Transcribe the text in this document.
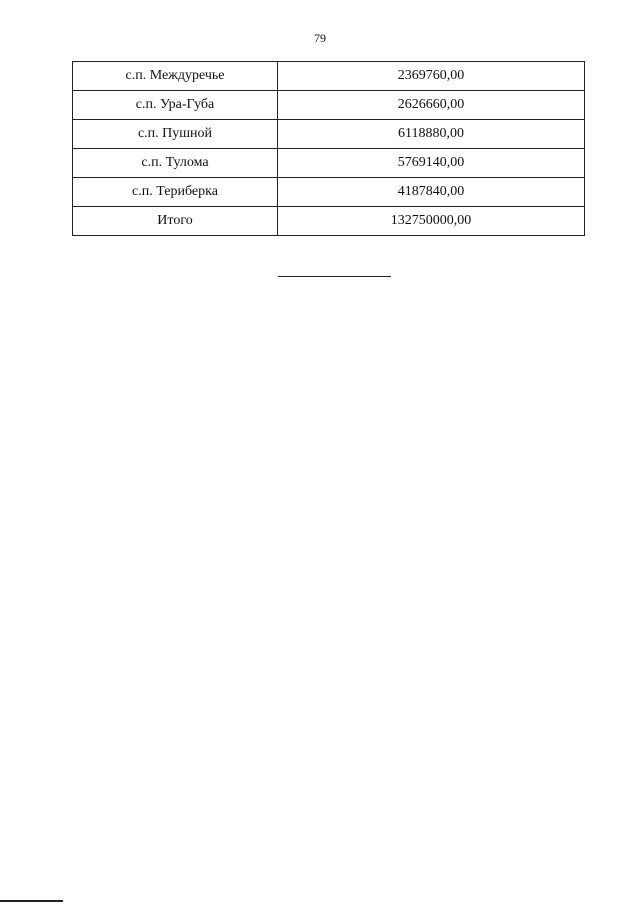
79
с.п. Междуречье	2369760,00
с.п. Ура-Губа	2626660,00
с.п. Пушной	6118880,00
с.п. Тулома	5769140,00
с.п. Териберка	4187840,00
Итого	132750000,00
